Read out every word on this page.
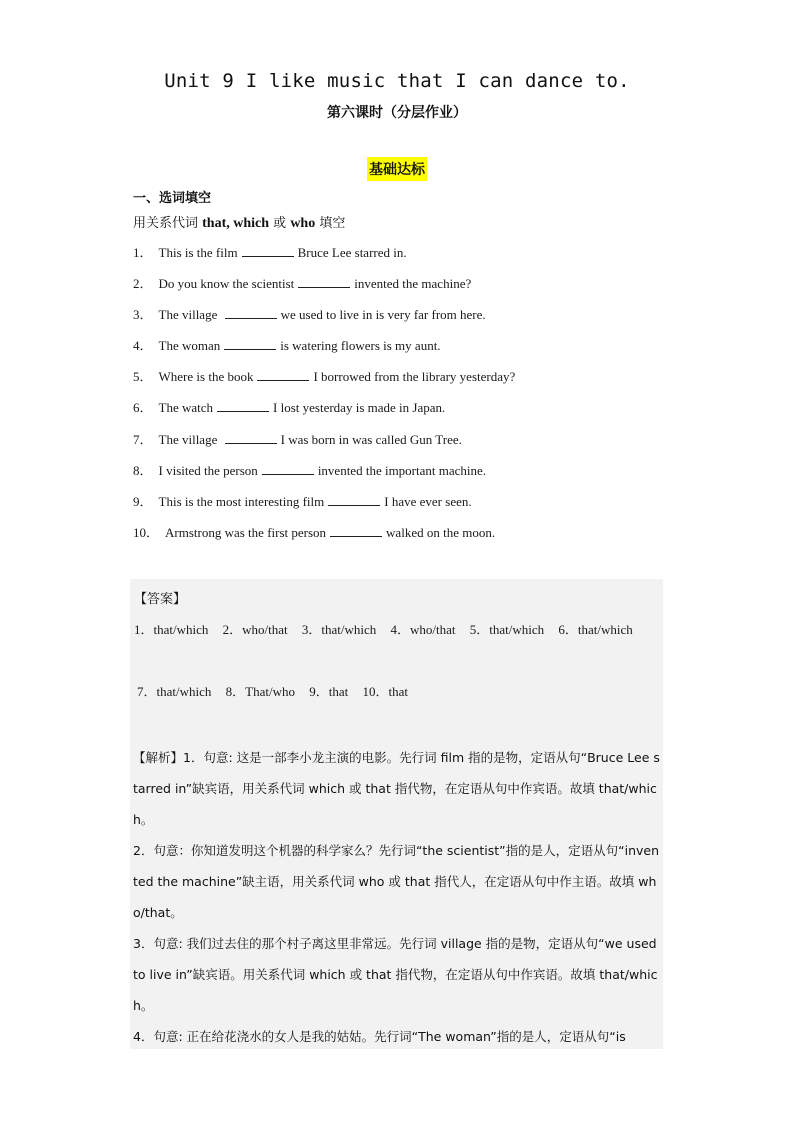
Unit 9 I like music that I can dance to.
第六课时（分层作业）
基础达标
一、选词填空
用关系代词 that, which 或 who 填空
1． This is the film	Bruce Lee starred in.
2． Do you know the scientist	invented the machine?
3． The village	we used to live in is very far from here.
4． The woman	is watering flowers is my aunt.
5． Where is the book	I borrowed from the library yesterday?
6． The watch	I lost yesterday is made in Japan.
7． The village	I was born in was called Gun Tree.
8． I visited the person	invented the important machine.
9． This is the most interesting film	I have ever seen.
10． Armstrong was the first person	walked on the moon.
【答案】
1．that/which 2．who/that 3．that/which 4．who/that 5．that/which 6．that/which
7．that/which 8．That/who 9．that 10．that

【解析】1．句意: 这是一部李小龙主演的电影。先行词 film 指的是物，定语从句“Bruce Lee starred in”缺宾语，用关系代词 which 或 that 指代物，在定语从句中作宾语。故填 that/which。

2．句意：你知道发明这个机器的科学家么？先行词“the scientist”指的是人，定语从句“invented the machine”缺主语，用关系代词 who 或 that 指代人，在定语从句中作主语。故填 who/that。

3．句意: 我们过去住的那个村子离这里非常远。先行词 village 指的是物，定语从句“we used to live in”缺宾语。用关系代词 which 或 that 指代物，在定语从句中作宾语。故填 that/which。

4．句意: 正在给花浇水的女人是我的姑姑。先行词“The woman”指的是人，定语从句“is
